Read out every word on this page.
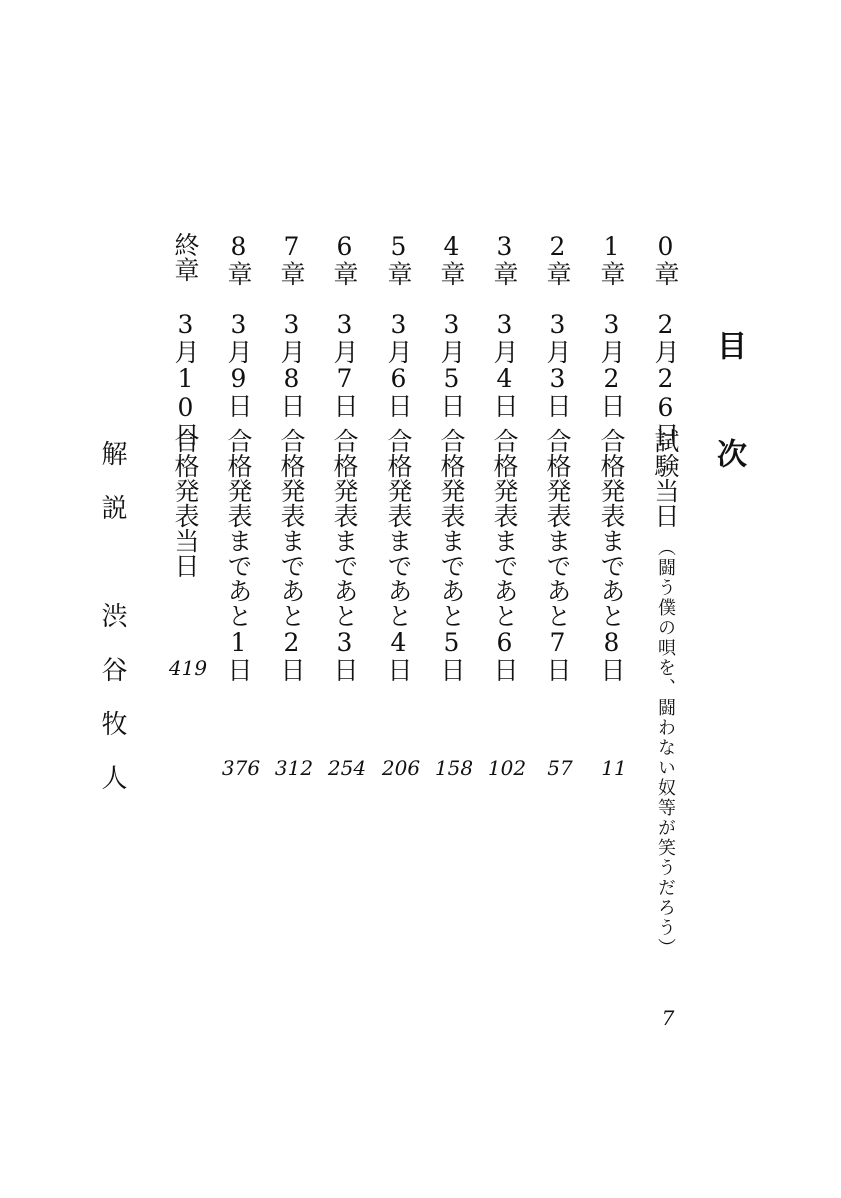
目
次
0章
2月26日
試験当日
（闘う僕の唄を、闘わない奴等が笑うだろう）
7
1章
3月2日
合格発表まであと8日
11
2章
3月3日
合格発表まであと7日
57
3章
3月4日
合格発表まであと6日
102
4章
3月5日
合格発表まであと5日
158
5章
3月6日
合格発表まであと4日
206
6章
3月7日
合格発表まであと3日
254
7章
3月8日
合格発表まであと2日
312
8章
3月9日
合格発表まであと1日
376
終章
3月10日
合格発表当日
419
解説　渋谷牧人
